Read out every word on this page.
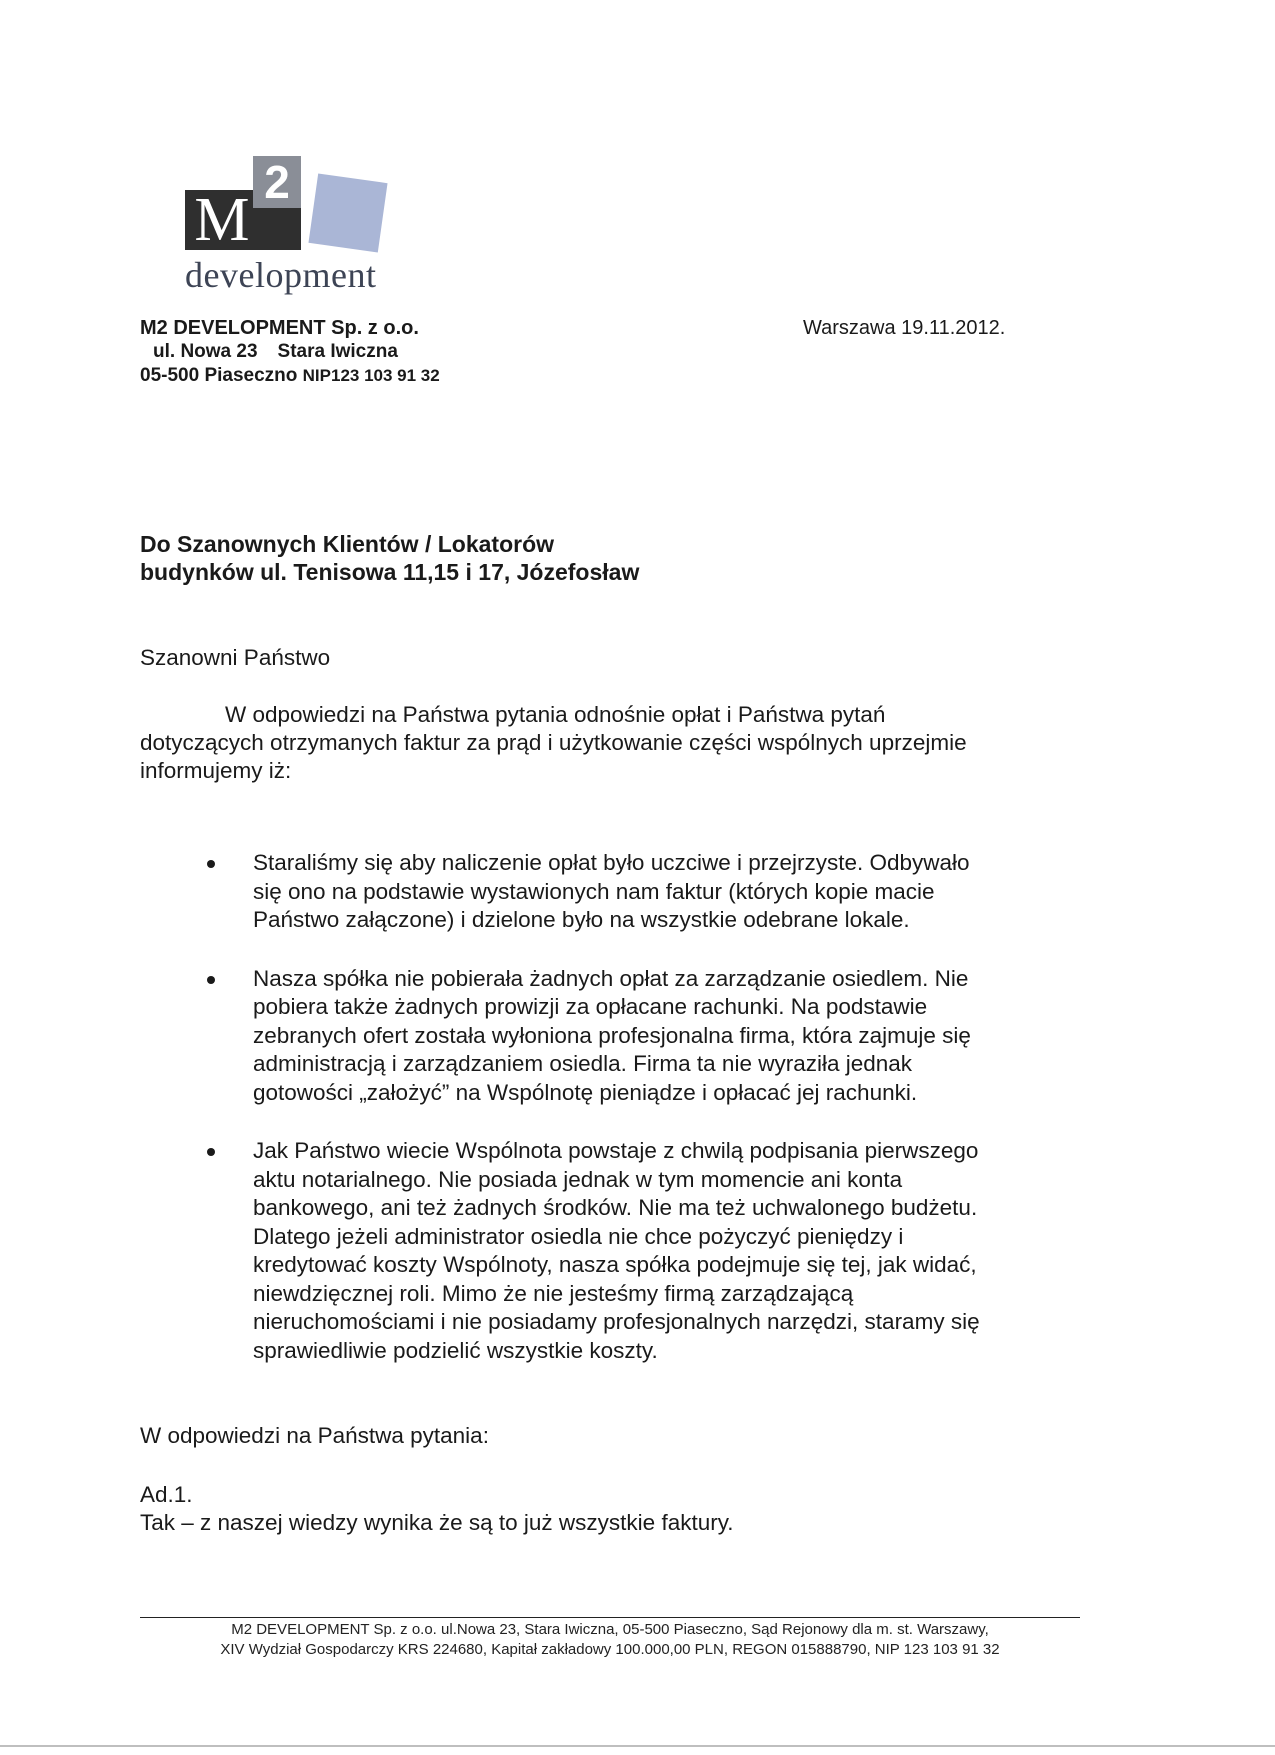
M
2
development
M2 DEVELOPMENT Sp. z o.o.
ul. Nowa 23 Stara Iwiczna
05-500 Piaseczno NIP123 103 91 32
Warszawa 19.11.2012.
Do Szanownych Klientów / Lokatorów
budynków ul. Tenisowa 11,15 i 17, Józefosław
Szanowni Państwo
W odpowiedzi na Państwa pytania odnośnie opłat i Państwa pytań
dotyczących otrzymanych faktur za prąd i użytkowanie części wspólnych uprzejmie
informujemy iż:
Staraliśmy się aby naliczenie opłat było uczciwe i przejrzyste. Odbywało
się ono na podstawie wystawionych nam faktur (których kopie macie
Państwo załączone) i dzielone było na wszystkie odebrane lokale.
Nasza spółka nie pobierała żadnych opłat za zarządzanie osiedlem. Nie
pobiera także żadnych prowizji za opłacane rachunki. Na podstawie
zebranych ofert została wyłoniona profesjonalna firma, która zajmuje się
administracją i zarządzaniem osiedla. Firma ta nie wyraziła jednak
gotowości „założyć” na Wspólnotę pieniądze i opłacać jej rachunki.
Jak Państwo wiecie Wspólnota powstaje z chwilą podpisania pierwszego
aktu notarialnego. Nie posiada jednak w tym momencie ani konta
bankowego, ani też żadnych środków. Nie ma też uchwalonego budżetu.
Dlatego jeżeli administrator osiedla nie chce pożyczyć pieniędzy i
kredytować koszty Wspólnoty, nasza spółka podejmuje się tej, jak widać,
niewdzięcznej roli. Mimo że nie jesteśmy firmą zarządzającą
nieruchomościami i nie posiadamy profesjonalnych narzędzi, staramy się
sprawiedliwie podzielić wszystkie koszty.
W odpowiedzi na Państwa pytania:
Ad.1.
Tak – z naszej wiedzy wynika że są to już wszystkie faktury.
M2 DEVELOPMENT Sp. z o.o. ul.Nowa 23, Stara Iwiczna, 05-500 Piaseczno, Sąd Rejonowy dla m. st. Warszawy,
XIV Wydział Gospodarczy KRS 224680, Kapitał zakładowy 100.000,00 PLN, REGON 015888790, NIP 123 103 91 32
